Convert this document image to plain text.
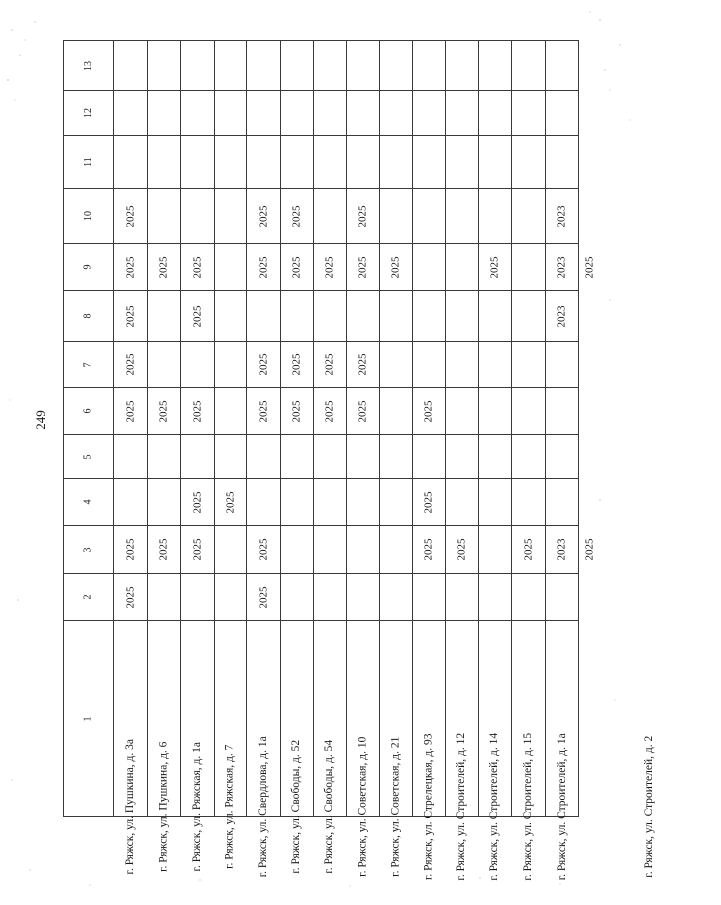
249
1
2
3
4
5
6
7
8
9
10
11
12
13
г. Ряжск, ул. Пушкина, д. 3а
2025
2025
2025
2025
2025
2025
2025
г. Ряжск, ул. Пушкина, д. 6
2025
2025
2025
г. Ряжск, ул. Ряжская, д. 1а
2025
2025
2025
2025
2025
г. Ряжск, ул. Ряжская, д. 7
2025
г. Ряжск, ул. Свердлова, д. 1а
2025
2025
2025
2025
2025
2025
г. Ряжск, ул. Свободы, д. 52
2025
2025
2025
2025
г. Ряжск, ул. Свободы, д. 54
2025
2025
2025
г. Ряжск, ул. Советская, д. 10
2025
2025
2025
2025
г. Ряжск, ул. Советская, д. 21
2025
г. Ряжск, ул. Стрелецкая, д. 93
2025
2025
2025
г. Ряжск, ул. Строителей, д. 12
2025
г. Ряжск, ул. Строителей, д. 14
2025
г. Ряжск, ул. Строителей, д. 15
2025
г. Ряжск, ул. Строителей, д. 1а
2023
2023
2023
2023
г. Ряжск, ул. Строителей, д. 2
2025
2025
